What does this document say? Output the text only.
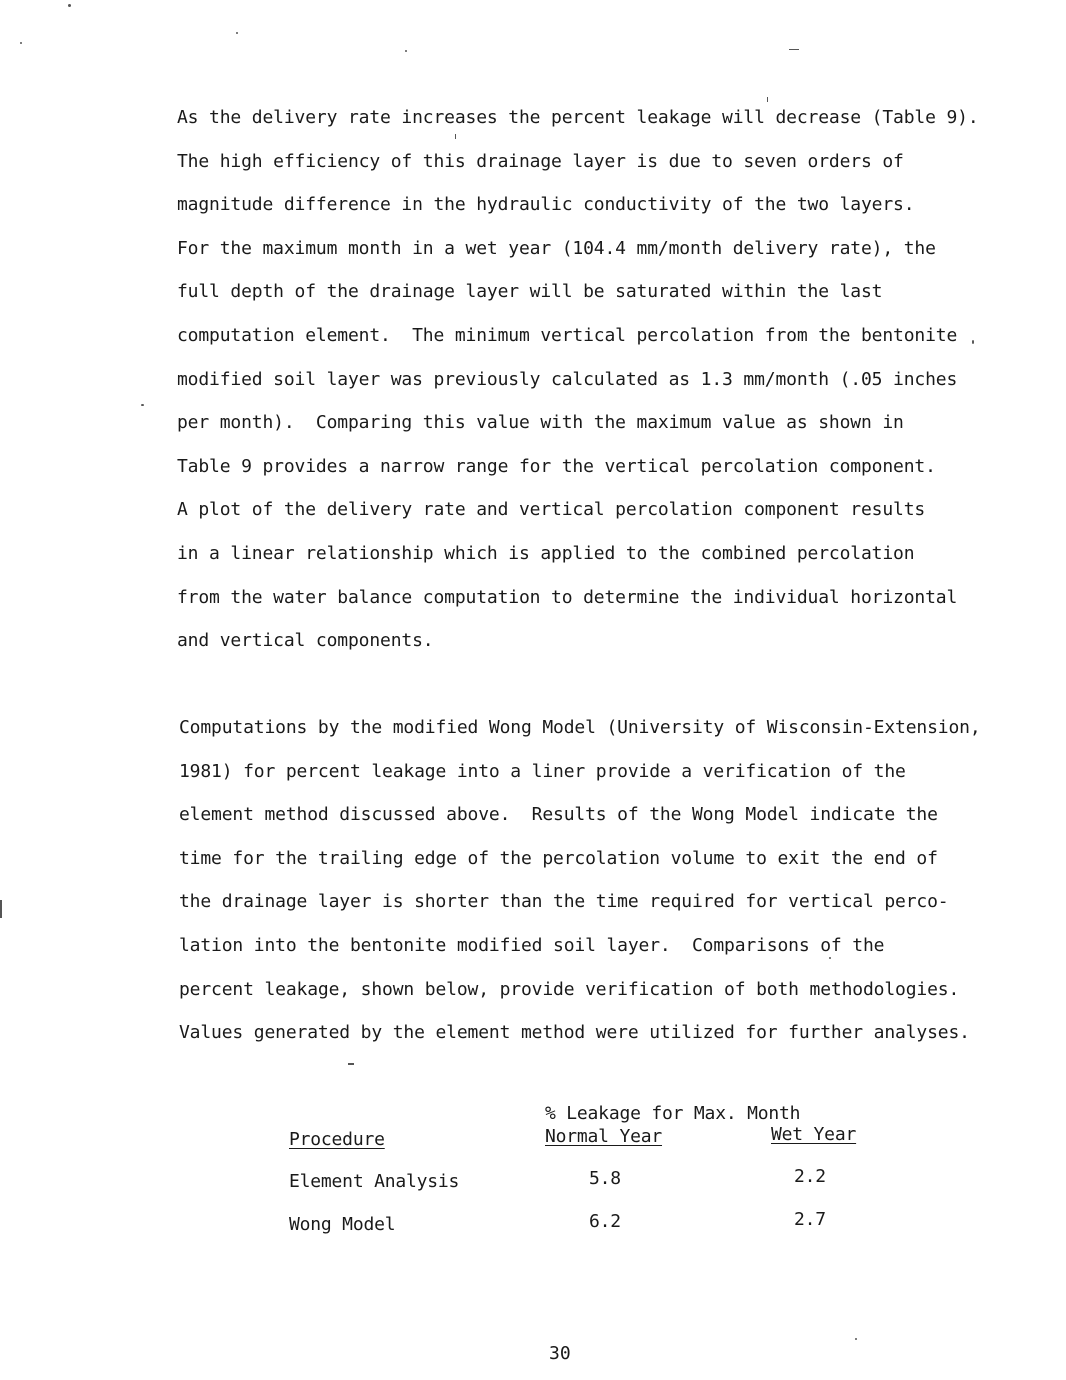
As the delivery rate increases the percent leakage will decrease (Table 9).
The high efficiency of this drainage layer is due to seven orders of
magnitude difference in the hydraulic conductivity of the two layers.
For the maximum month in a wet year (104.4 mm/month delivery rate), the
full depth of the drainage layer will be saturated within the last
computation element.  The minimum vertical percolation from the bentonite
modified soil layer was previously calculated as 1.3 mm/month (.05 inches
per month).  Comparing this value with the maximum value as shown in
Table 9 provides a narrow range for the vertical percolation component.
A plot of the delivery rate and vertical percolation component results
in a linear relationship which is applied to the combined percolation
from the water balance computation to determine the individual horizontal
and vertical components.
Computations by the modified Wong Model (University of Wisconsin-Extension,
1981) for percent leakage into a liner provide a verification of the
element method discussed above.  Results of the Wong Model indicate the
time for the trailing edge of the percolation volume to exit the end of
the drainage layer is shorter than the time required for vertical perco-
lation into the bentonite modified soil layer.  Comparisons of the
percent leakage, shown below, provide verification of both methodologies.
Values generated by the element method were utilized for further analyses.
% Leakage for Max. Month
Procedure	Normal Year	Wet Year
Element Analysis	5.8	2.2
Wong Model	6.2	2.7
30
